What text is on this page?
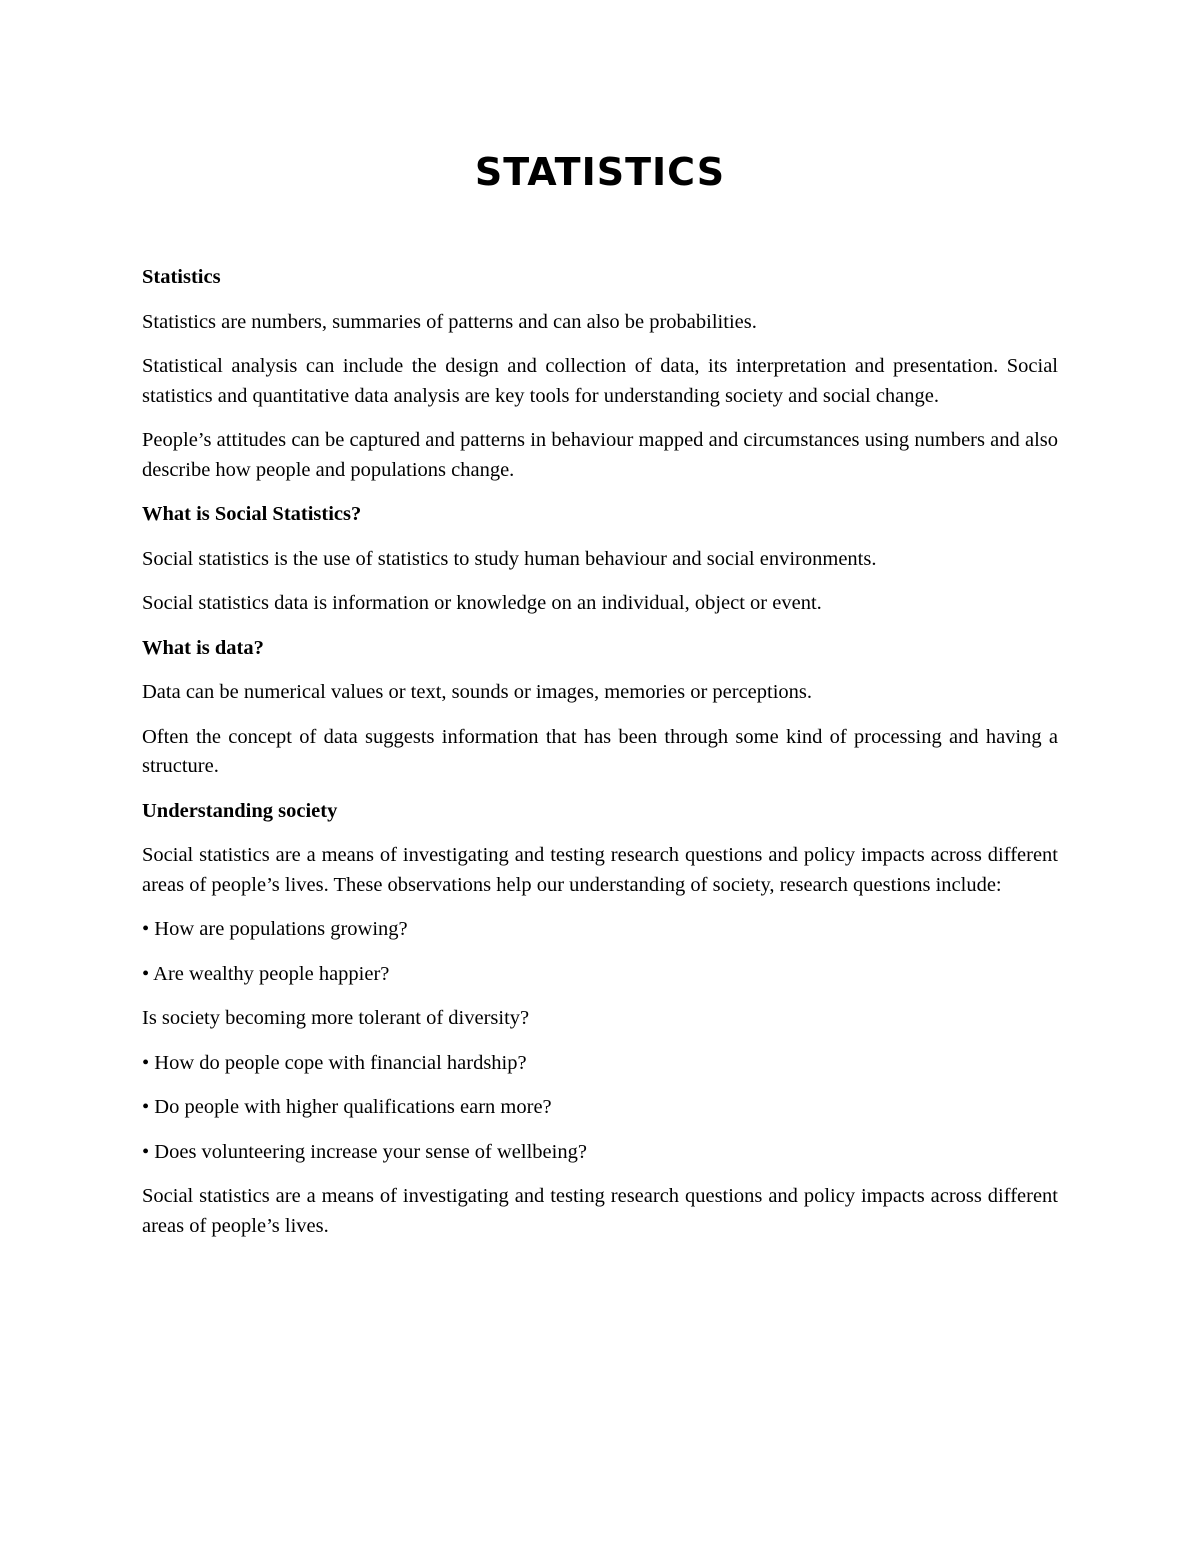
STATISTICS

Statistics

Statistics are numbers, summaries of patterns and can also be probabilities.

Statistical analysis can include the design and collection of data, its interpretation and presentation. Social statistics and quantitative data analysis are key tools for understanding society and social change.

People’s attitudes can be captured and patterns in behaviour mapped and circumstances using numbers and also describe how people and populations change.

What is Social Statistics?

Social statistics is the use of statistics to study human behaviour and social environments.

Social statistics data is information or knowledge on an individual, object or event.

What is data?

Data can be numerical values or text, sounds or images, memories or perceptions.

Often the concept of data suggests information that has been through some kind of processing and having a structure.

Understanding society

Social statistics are a means of investigating and testing research questions and policy impacts across different areas of people’s lives. These observations help our understanding of society, research questions include:

• How are populations growing?

• Are wealthy people happier?

Is society becoming more tolerant of diversity?

• How do people cope with financial hardship?

• Do people with higher qualifications earn more?

• Does volunteering increase your sense of wellbeing?

Social statistics are a means of investigating and testing research questions and policy impacts across different areas of people’s lives.
